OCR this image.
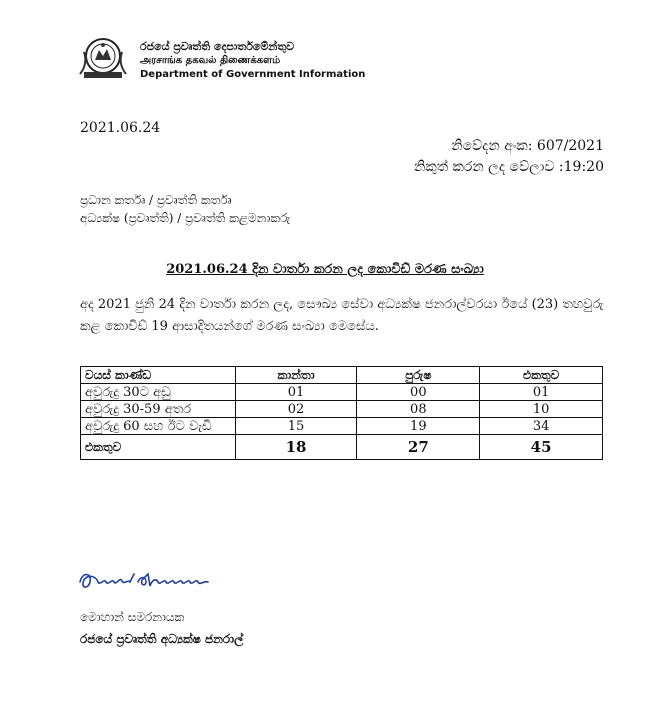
රජයේ ප්‍රවෘත්ති දෙපාර්තමේන්තුව
அரசாங்க தகவல் திணைக்களம்
Department of Government Information
2021.06.24
නිවේදන අංක: 607/2021
නිකුත් කරන ලද වේලාව :19:20
ප්‍රධාන කර්තෘ / ප්‍රවෘත්ති කර්තෘ
අධ්‍යක්ෂ (ප්‍රවෘත්ති) / ප්‍රවෘත්ති කළමනාකරු
2021.06.24 දින වාර්තා කරන ලද කොවිඩ් මරණ සංඛ්‍යා
අද 2021 ජුනි 24 දින වාර්තා කරන ලද, සෞඛ්‍ය සේවා අධ්‍යක්ෂ ජනරාල්වරයා ඊයේ (23) තහවුරු කළ කොවිඩ් 19 ආසාදිතයන්ගේ මරණ සංඛ්‍යා මෙසේය.
වයස් කාණ්ඩ	කාන්තා	පුරුෂ	එකතුව
අවුරුදු 30ට අඩු	01	00	01
අවුරුදු 30-59 අතර	02	08	10
අවුරුදු 60 සහ ඊට වැඩි	15	19	34
එකතුව	18	27	45
මොහාන් සමරනායක
රජයේ ප්‍රවෘත්ති අධ්‍යක්ෂ ජනරාල්
